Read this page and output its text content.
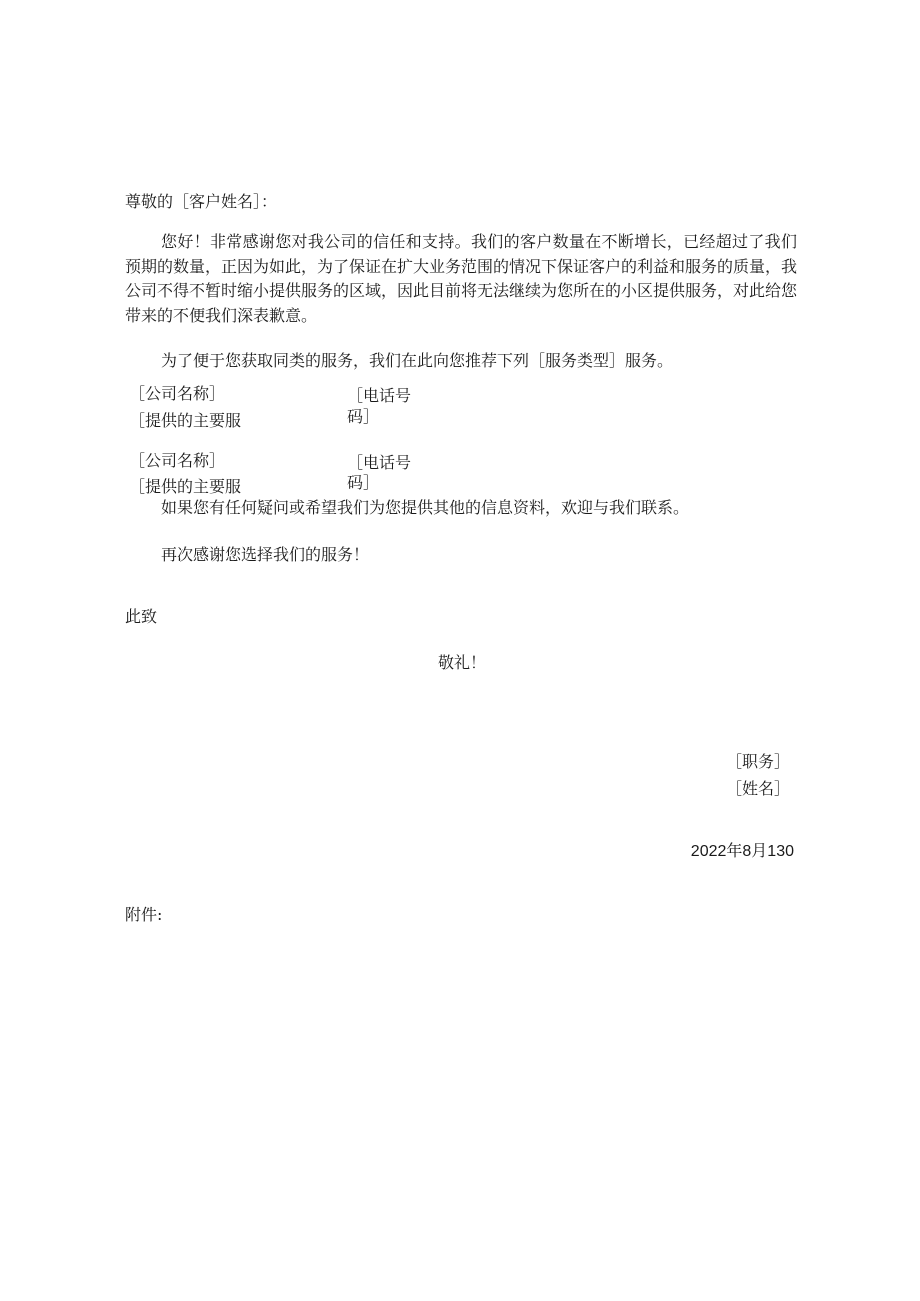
尊敬的［客户姓名］：
您好！非常感谢您对我公司的信任和支持。我们的客户数量在不断增长，已经超过了我们预期的数量，正因为如此，为了保证在扩大业务范围的情况下保证客户的利益和服务的质量，我公司不得不暂时缩小提供服务的区域，因此目前将无法继续为您所在的小区提供服务，对此给您带来的不便我们深表歉意。
为了便于您获取同类的服务，我们在此向您推荐下列［服务类型］服务。
［公司名称］
［提供的主要服
［电话号
码］
［公司名称］
［提供的主要服
［电话号
码］
如果您有任何疑问或希望我们为您提供其他的信息资料，欢迎与我们联系。
再次感谢您选择我们的服务！
此致
敬礼！
［职务］
［姓名］
2022年8月130
附件:
